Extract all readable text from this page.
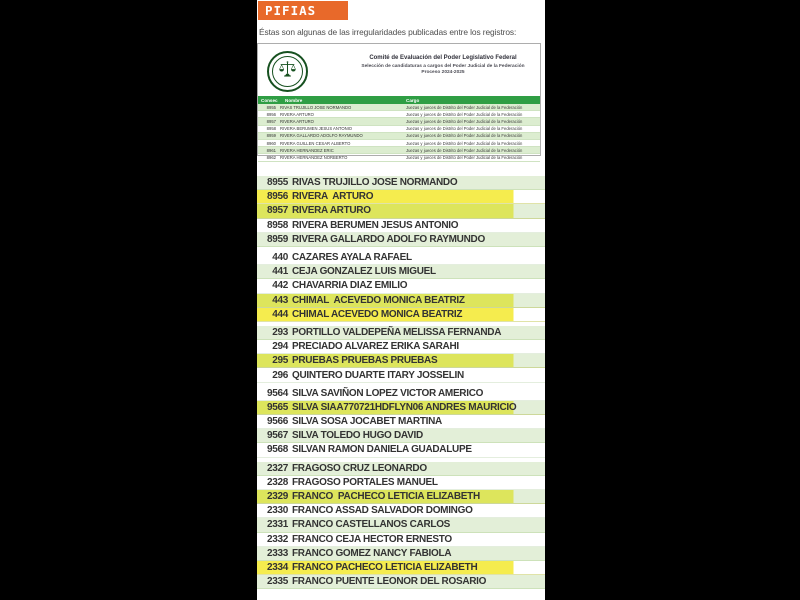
PIFIAS
Éstas son algunas de las irregularidades publicadas entre los registros:
Comité de Evaluación del Poder Legislativo Federal
Selección de candidaturas a cargos del Poder Judicial de la Federación
Proceso 2024-2025
Consec	Nombre	Cargo
8955 RIVAS TRUJILLO JOSE NORMANDO	Juezas y jueces de Distrito del Poder Judicial de la Federación
8956 RIVERA ARTURO	Juezas y jueces de Distrito del Poder Judicial de la Federación
8957 RIVERA ARTURO	Juezas y jueces de Distrito del Poder Judicial de la Federación
8958 RIVERA BERUMEN JESUS ANTONIO	Juezas y jueces de Distrito del Poder Judicial de la Federación
8959 RIVERA GALLARDO ADOLFO RAYMUNDO	Juezas y jueces de Distrito del Poder Judicial de la Federación
8960 RIVERA GUILLEN CESAR ALBERTO	Juezas y jueces de Distrito del Poder Judicial de la Federación
8961 RIVERA HERNANDEZ ERIC	Juezas y jueces de Distrito del Poder Judicial de la Federación
8962 RIVERA HERNANDEZ NORBERTO	Juezas y jueces de Distrito del Poder Judicial de la Federación
8955 RIVAS TRUJILLO JOSE NORMANDO
8956 RIVERA  ARTURO
8957 RIVERA ARTURO
8958 RIVERA BERUMEN JESUS ANTONIO
8959 RIVERA GALLARDO ADOLFO RAYMUNDO
440 CAZARES AYALA RAFAEL
441 CEJA GONZALEZ LUIS MIGUEL
442 CHAVARRIA DIAZ EMILIO
443 CHIMAL  ACEVEDO MONICA BEATRIZ
444 CHIMAL ACEVEDO MONICA BEATRIZ
293 PORTILLO VALDEPEÑA MELISSA FERNANDA
294 PRECIADO ALVAREZ ERIKA SARAHI
295 PRUEBAS PRUEBAS PRUEBAS
296 QUINTERO DUARTE ITARY JOSSELIN
9564 SILVA SAVIÑON LOPEZ VICTOR AMERICO
9565 SILVA SIAA770721HDFLYN06 ANDRES MAURICIO
9566 SILVA SOSA JOCABET MARTINA
9567 SILVA TOLEDO HUGO DAVID
9568 SILVAN RAMON DANIELA GUADALUPE
2327 FRAGOSO CRUZ LEONARDO
2328 FRAGOSO PORTALES MANUEL
2329 FRANCO  PACHECO LETICIA ELIZABETH
2330 FRANCO ASSAD SALVADOR DOMINGO
2331 FRANCO CASTELLANOS CARLOS
2332 FRANCO CEJA HECTOR ERNESTO
2333 FRANCO GOMEZ NANCY FABIOLA
2334 FRANCO PACHECO LETICIA ELIZABETH
2335 FRANCO PUENTE LEONOR DEL ROSARIO
